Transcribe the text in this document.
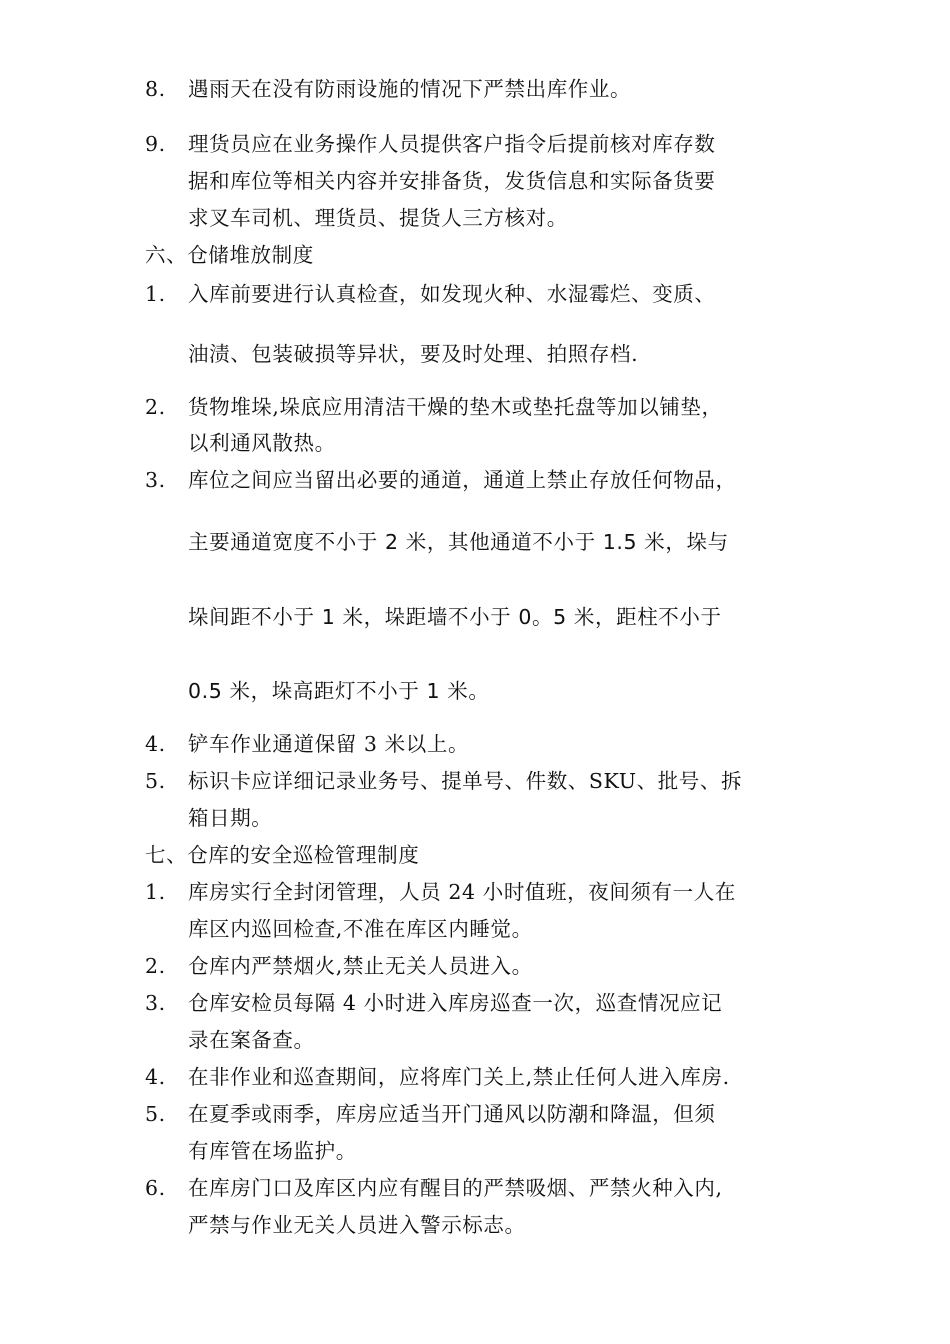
8. 遇雨天在没有防雨设施的情况下严禁出库作业。
9. 理货员应在业务操作人员提供客户指令后提前核对库存数
据和库位等相关内容并安排备货，发货信息和实际备货要
求叉车司机、理货员、提货人三方核对。
六、仓储堆放制度
1. 入库前要进行认真检查，如发现火种、水湿霉烂、变质、
油渍、包装破损等异状，要及时处理、拍照存档.
2. 货物堆垛,垛底应用清洁干燥的垫木或垫托盘等加以铺垫，
以利通风散热。
3. 库位之间应当留出必要的通道，通道上禁止存放任何物品，
主要通道宽度不小于 2 米，其他通道不小于 1.5 米，垛与
垛间距不小于 1 米，垛距墙不小于 0。5 米，距柱不小于
0.5 米，垛高距灯不小于 1 米。
4. 铲车作业通道保留 3 米以上。
5. 标识卡应详细记录业务号、提单号、件数、SKU、批号、拆
箱日期。
七、仓库的安全巡检管理制度
1. 库房实行全封闭管理，人员 24 小时值班，夜间须有一人在
库区内巡回检查,不准在库区内睡觉。
2. 仓库内严禁烟火,禁止无关人员进入。
3. 仓库安检员每隔 4 小时进入库房巡查一次，巡查情况应记
录在案备查。
4. 在非作业和巡查期间，应将库门关上,禁止任何人进入库房.
5. 在夏季或雨季，库房应适当开门通风以防潮和降温，但须
有库管在场监护。
6. 在库房门口及库区内应有醒目的严禁吸烟、严禁火种入内,
严禁与作业无关人员进入警示标志。
